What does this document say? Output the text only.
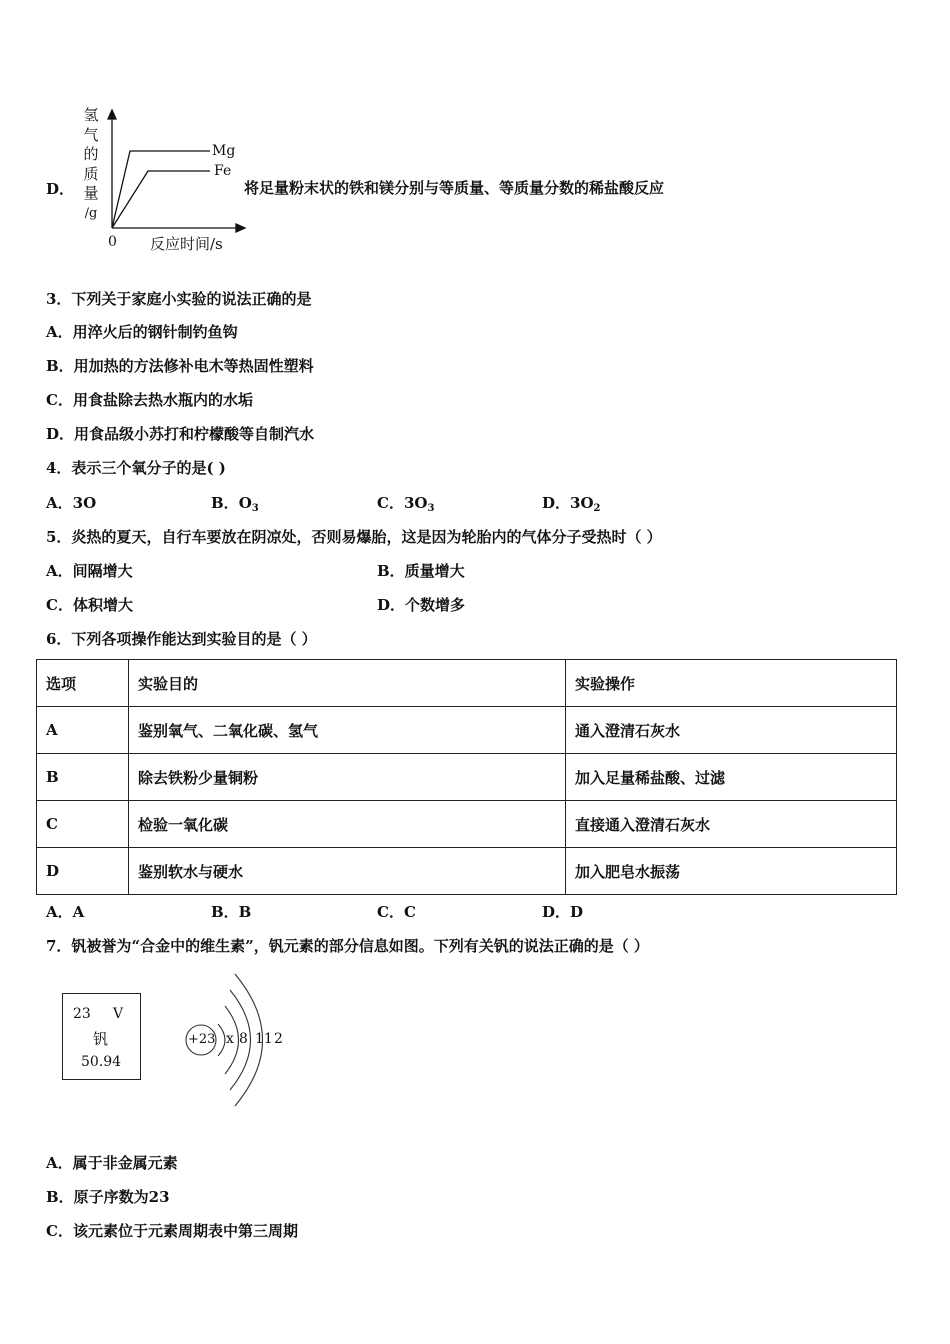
D．
氢
气
的
质
量
/g
Mg
Fe
0 反应时间/s
将足量粉末状的铁和镁分别与等质量、等质量分数的稀盐酸反应
3．下列关于家庭小实验的说法正确的是
A．用淬火后的钢针制钓鱼钩
B．用加热的方法修补电木等热固性塑料
C．用食盐除去热水瓶内的水垢
D．用食品级小苏打和柠檬酸等自制汽水
4．表示三个氧分子的是( )
A．3O	B．$O_3$	C．$3O_3$	D．$3O_2$
5．炎热的夏天，自行车要放在阴凉处，否则易爆胎，这是因为轮胎内的气体分子受热时（ ）
A．间隔增大	B．质量增大
C．体积增大	D．个数增多
6．下列各项操作能达到实验目的是（ ）
选项	实验目的	实验操作
A	鉴别氧气、二氧化碳、氢气	通入澄清石灰水
B	除去铁粉少量铜粉	加入足量稀盐酸、过滤
C	检验一氧化碳	直接通入澄清石灰水
D	鉴别软水与硬水	加入肥皂水振荡
A．A	B．B	C．C	D．D
7．钒被誉为“合金中的维生素”，钒元素的部分信息如图。下列有关钒的说法正确的是（ ）
23 V
钒
50.94
+23 x 8 11 2
A．属于非金属元素
B．原子序数为23
C．该元素位于元素周期表中第三周期
